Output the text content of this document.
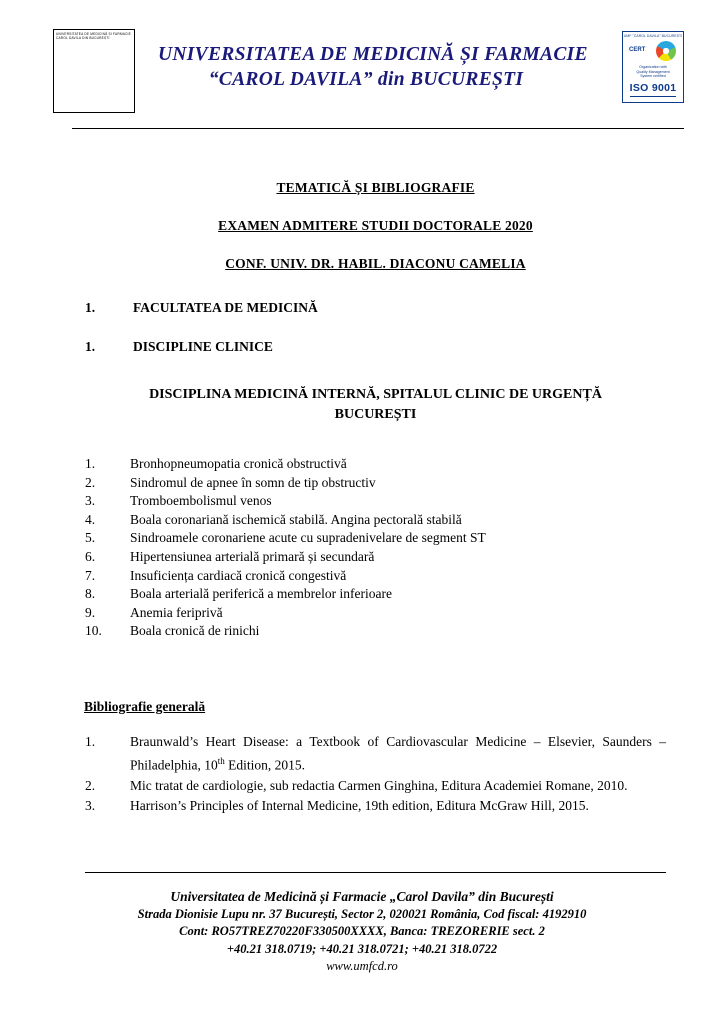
UNIVERSITATEA DE MEDICINĂ ȘI FARMACIE CAROL DAVILA DIN BUCUREȘTI
UNIVERSITATEA DE MEDICINĂ ȘI FARMACIE
“CAROL DAVILA” din BUCUREȘTI
UMF "CAROL DAVILA" BUCUREȘTI
CERT
Organization with
Quality Management
System certified
ISO 9001
TEMATICĂ ȘI BIBLIOGRAFIE
EXAMEN ADMITERE STUDII DOCTORALE 2020
CONF. UNIV. DR. HABIL. DIACONU CAMELIA
1.	FACULTATEA DE MEDICINĂ
1.	DISCIPLINE CLINICE
DISCIPLINA MEDICINĂ INTERNĂ, SPITALUL CLINIC DE URGENȚĂ
BUCUREȘTI
1.	Bronhopneumopatia cronică obstructivă
2.	Sindromul de apnee în somn de tip obstructiv
3.	Tromboembolismul venos
4.	Boala coronariană ischemică stabilă. Angina pectorală stabilă
5.	Sindroamele coronariene acute cu supradenivelare de segment ST
6.	Hipertensiunea arterială primară și secundară
7.	Insuficiența cardiacă cronică congestivă
8.	Boala arterială periferică a membrelor inferioare
9.	Anemia feriprivă
10.	Boala cronică de rinichi
Bibliografie generală
1.	Braunwald’s Heart Disease: a Textbook of Cardiovascular Medicine – Elsevier, Saunders – Philadelphia, 10th Edition, 2015.
2.	Mic tratat de cardiologie, sub redactia Carmen Ginghina, Editura Academiei Romane, 2010.
3.	Harrison’s Principles of Internal Medicine, 19th edition, Editura McGraw Hill, 2015.
Universitatea de Medicină și Farmacie „Carol Davila” din București
Strada Dionisie Lupu nr. 37 București, Sector 2, 020021 România, Cod fiscal: 4192910
Cont: RO57TREZ70220F330500XXXX, Banca: TREZORERIE sect. 2
+40.21 318.0719; +40.21 318.0721; +40.21 318.0722
www.umfcd.ro
